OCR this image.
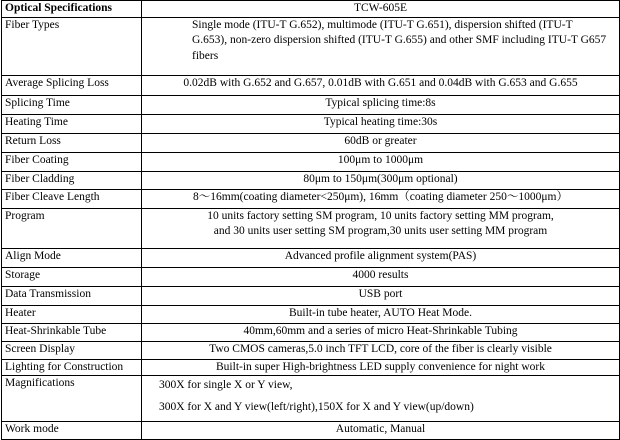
Optical Specifications	TCW-605E
Fiber Types	Single mode (ITU-T G.652), multimode (ITU-T G.651), dispersion shifted (ITU-T
G.653), non-zero dispersion shifted (ITU-T G.655) and other SMF including ITU-T G657
fibers

Average Splicing Loss	0.02dB with G.652 and G.657, 0.01dB with G.651 and 0.04dB with G.653 and G.655
Splicing Time	Typical splicing time:8s
Heating Time	Typical heating time:30s
Return Loss	60dB or greater
Fiber Coating	100μm to 1000μm
Fiber Cladding	80μm to 150μm(300μm optional)
Fiber Cleave Length	8～16mm(coating diameter<250μm), 16mm（coating diameter 250～1000μm）
Program	10 units factory setting SM program, 10 units factory setting MM program,
and 30 units user setting SM program,30 units user setting MM program

Align Mode	Advanced profile alignment system(PAS)
Storage	4000 results
Data Transmission	USB port
Heater	Built-in tube heater, AUTO Heat Mode.
Heat-Shrinkable Tube	40mm,60mm and a series of micro Heat-Shrinkable Tubing
Screen Display	Two CMOS cameras,5.0 inch TFT LCD, core of the fiber is clearly visible
Lighting for Construction	Built-in super High-brightness LED supply convenience for night work
Magnifications	300X for single X or Y view,
300X for X and Y view(left/right),150X for X and Y view(up/down)

Work mode	Automatic, Manual
